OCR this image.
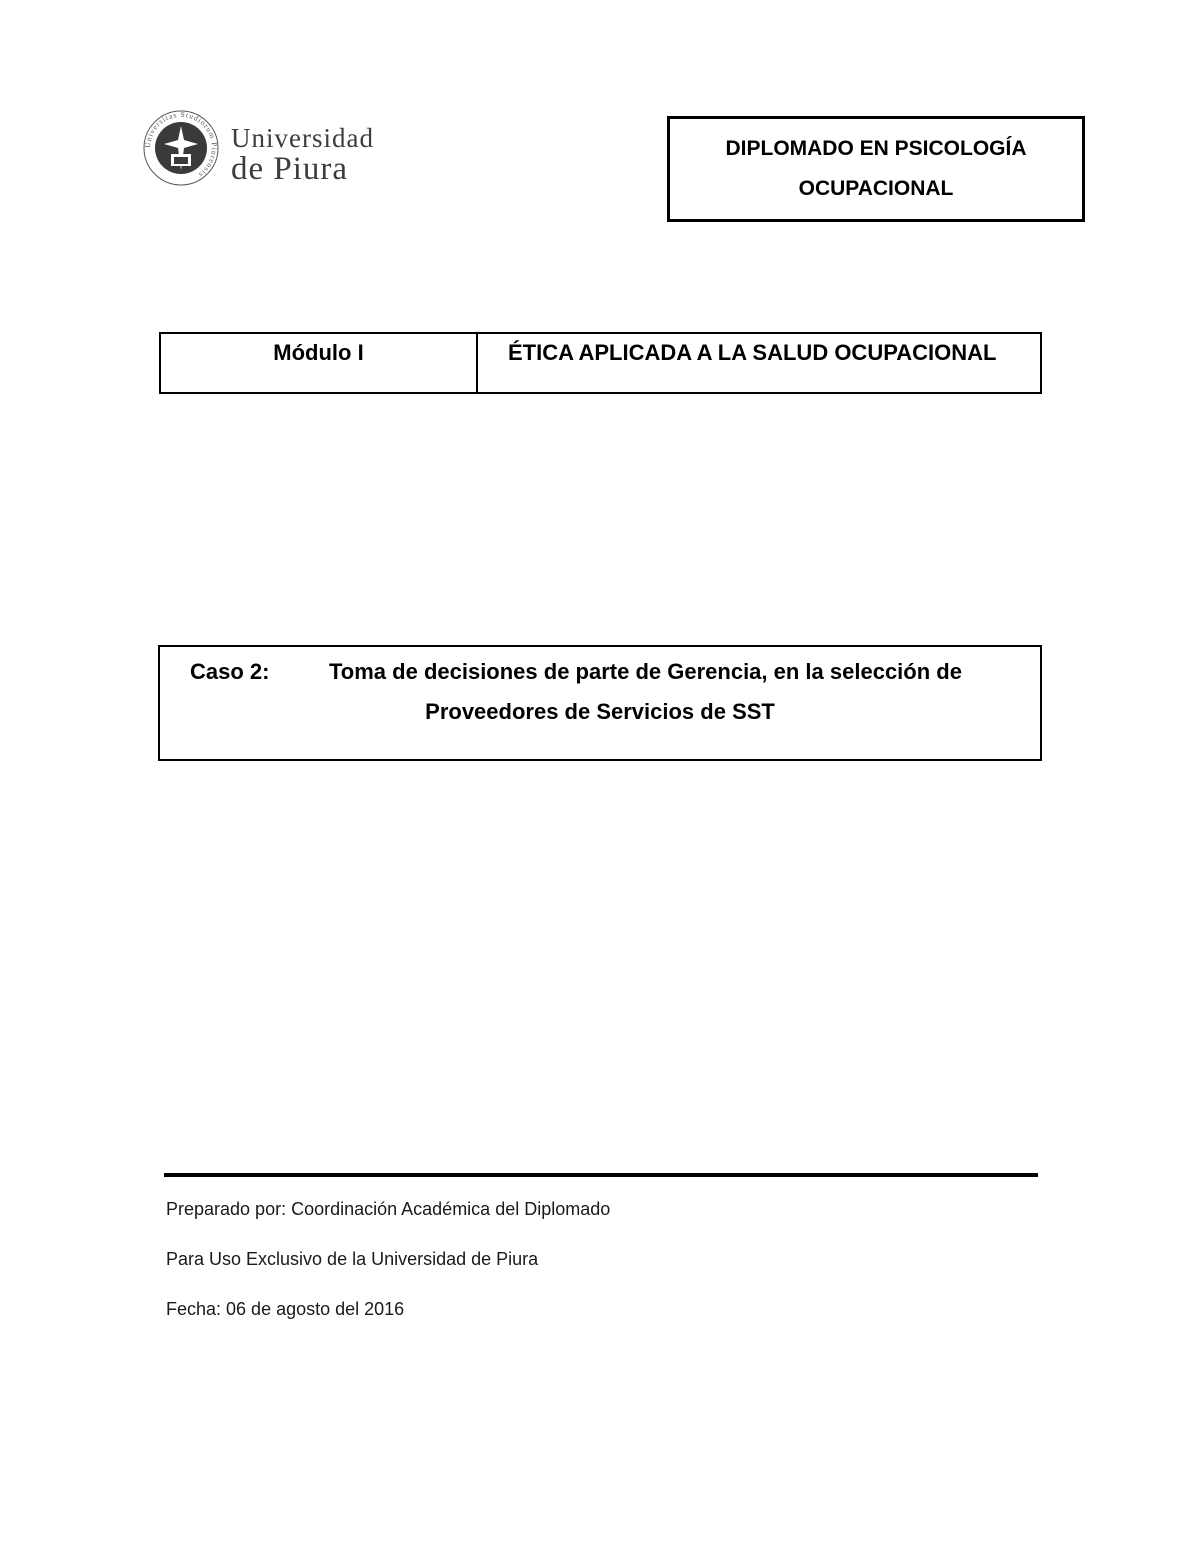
Universitas Studiorum Piurensis
Universidad
de Piura
DIPLOMADO EN PSICOLOGÍA
OCUPACIONAL
Módulo I	ÉTICA APLICADA A LA SALUD OCUPACIONAL
Caso 2:	Toma de decisiones de parte de Gerencia, en la selección de
Proveedores de Servicios de SST

Preparado por: Coordinación Académica del Diplomado

Para Uso Exclusivo de la Universidad de Piura

Fecha: 06 de agosto del 2016
